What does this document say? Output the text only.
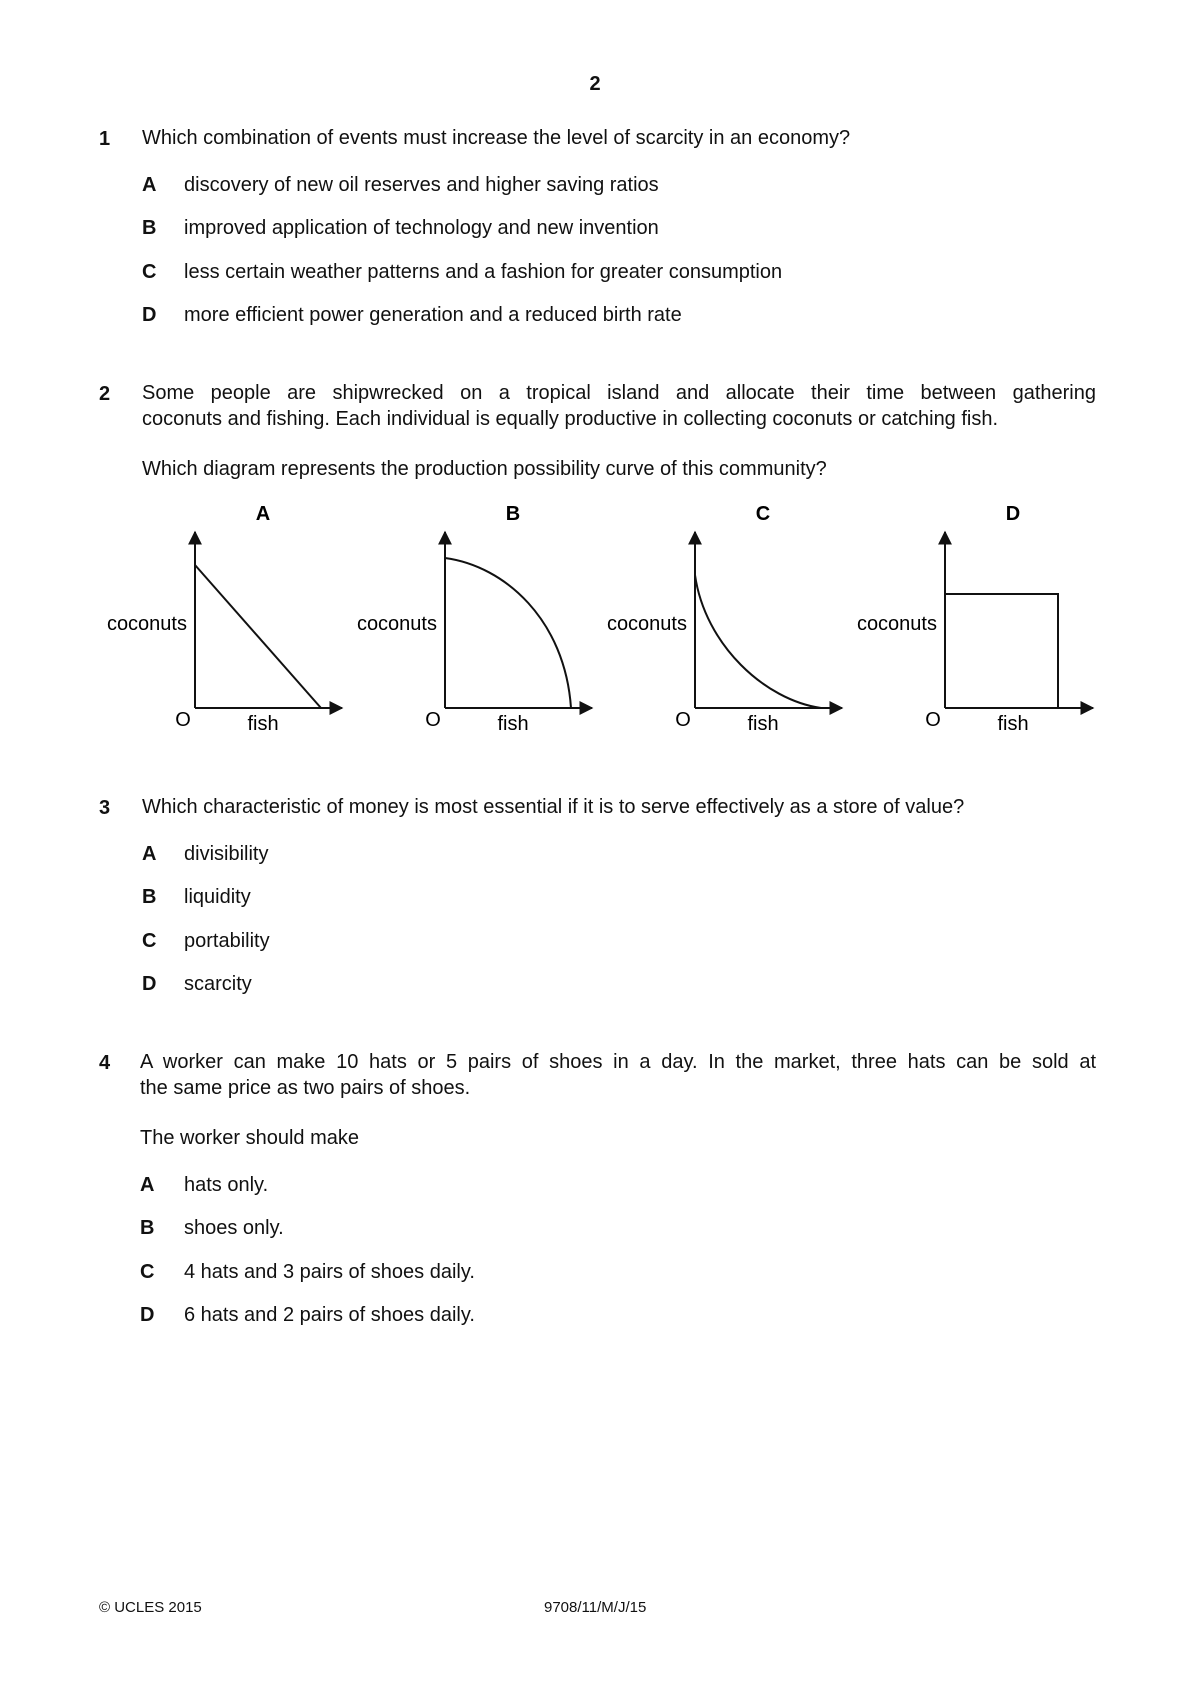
2
1 Which combination of events must increase the level of scarcity in an economy?
A discovery of new oil reserves and higher saving ratios
B improved application of technology and new invention
C less certain weather patterns and a fashion for greater consumption
D more efficient power generation and a reduced birth rate
2 Some people are shipwrecked on a tropical island and allocate their time between gathering
coconuts and fishing. Each individual is equally productive in collecting coconuts or catching fish.
Which diagram represents the production possibility curve of this community?
A
coconuts
O	fish
B
coconuts
O	fish
C
coconuts
O	fish
D
coconuts
O	fish
3 Which characteristic of money is most essential if it is to serve effectively as a store of value?
A divisibility
B liquidity
C portability
D scarcity
4 A worker can make 10 hats or 5 pairs of shoes in a day. In the market, three hats can be sold at
the same price as two pairs of shoes.
The worker should make
A hats only.
B shoes only.
C 4 hats and 3 pairs of shoes daily.
D 6 hats and 2 pairs of shoes daily.
© UCLES 2015	9708/11/M/J/15
